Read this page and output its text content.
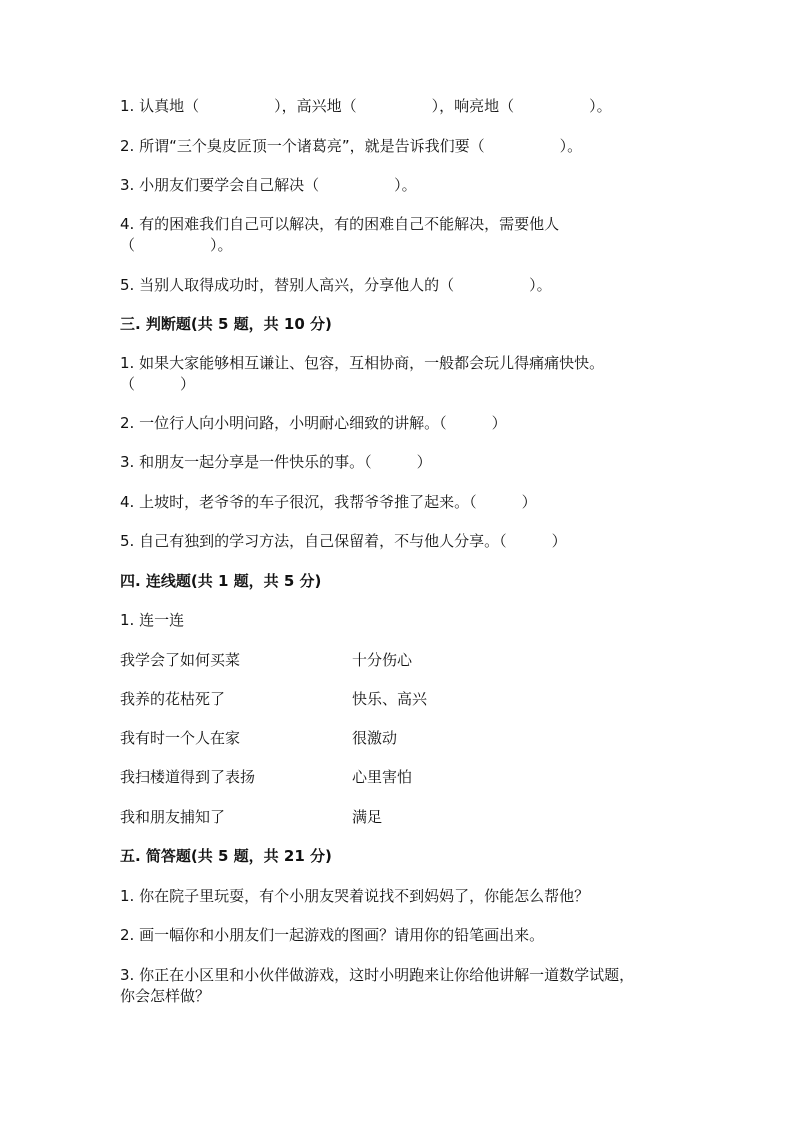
1. 认真地（　　　　　），高兴地（　　　　　），响亮地（　　　　　）。
2. 所谓“三个臭皮匠顶一个诸葛亮”，就是告诉我们要（　　　　　）。
3. 小朋友们要学会自己解决（　　　　　）。
4. 有的困难我们自己可以解决，有的困难自己不能解决，需要他人
（　　　　　）。
5. 当别人取得成功时，替别人高兴，分享他人的（　　　　　）。
三. 判断题(共 5 题，共 10 分)
1. 如果大家能够相互谦让、包容，互相协商，一般都会玩儿得痛痛快快。
（　　　）
2. 一位行人向小明问路，小明耐心细致的讲解。（　　　）
3. 和朋友一起分享是一件快乐的事。（　　　）
4. 上坡时，老爷爷的车子很沉，我帮爷爷推了起来。（　　　）
5. 自己有独到的学习方法，自己保留着，不与他人分享。（　　　）
四. 连线题(共 1 题，共 5 分)
1. 连一连
我学会了如何买菜	十分伤心
我养的花枯死了	快乐、高兴
我有时一个人在家	很激动
我扫楼道得到了表扬	心里害怕
我和朋友捕知了	满足
五. 简答题(共 5 题，共 21 分)
1. 你在院子里玩耍，有个小朋友哭着说找不到妈妈了，你能怎么帮他？
2. 画一幅你和小朋友们一起游戏的图画？请用你的铅笔画出来。
3. 你正在小区里和小伙伴做游戏，这时小明跑来让你给他讲解一道数学试题，
你会怎样做？
